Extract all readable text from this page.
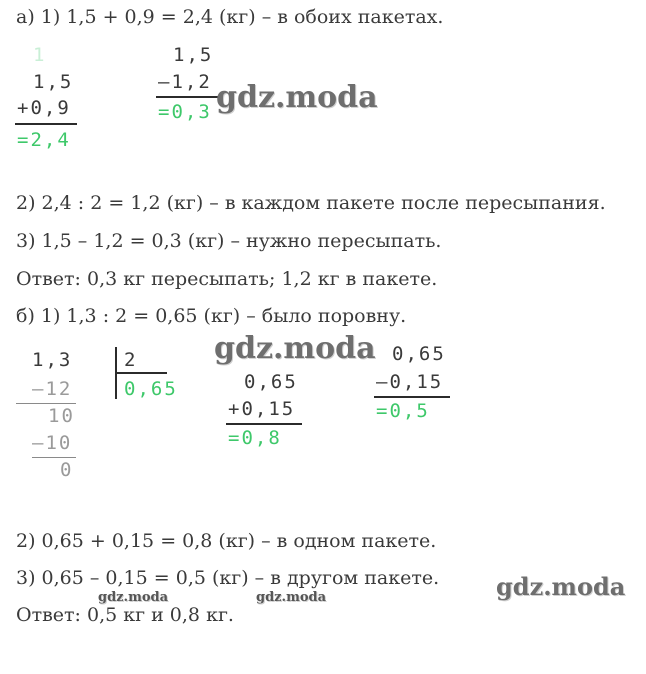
а) 1) 1,5 + 0,9 = 2,4 (кг) – в обоих пакетах.
1
1,5
+0,9
=2,4
1,5
–1,2
=0,3 gdz.moda
2) 2,4 : 2 = 1,2 (кг) – в каждом пакете после пересыпания.
3) 1,5 – 1,2 = 0,3 (кг) – нужно пересыпать.
Ответ: 0,3 кг пересыпать; 1,2 кг в пакете.
б) 1) 1,3 : 2 = 0,65 (кг) – было поровну.
1,3	2
0,65
–12
10
–10
0
0,65
+0,15
=0,8
0,65
–0,15
=0,5
gdz.moda
2) 0,65 + 0,15 = 0,8 (кг) – в одном пакете.
3) 0,65 – 0,15 = 0,5 (кг) – в другом пакете.
gdz.moda	gdz.moda	gdz.moda
Ответ: 0,5 кг и 0,8 кг.
